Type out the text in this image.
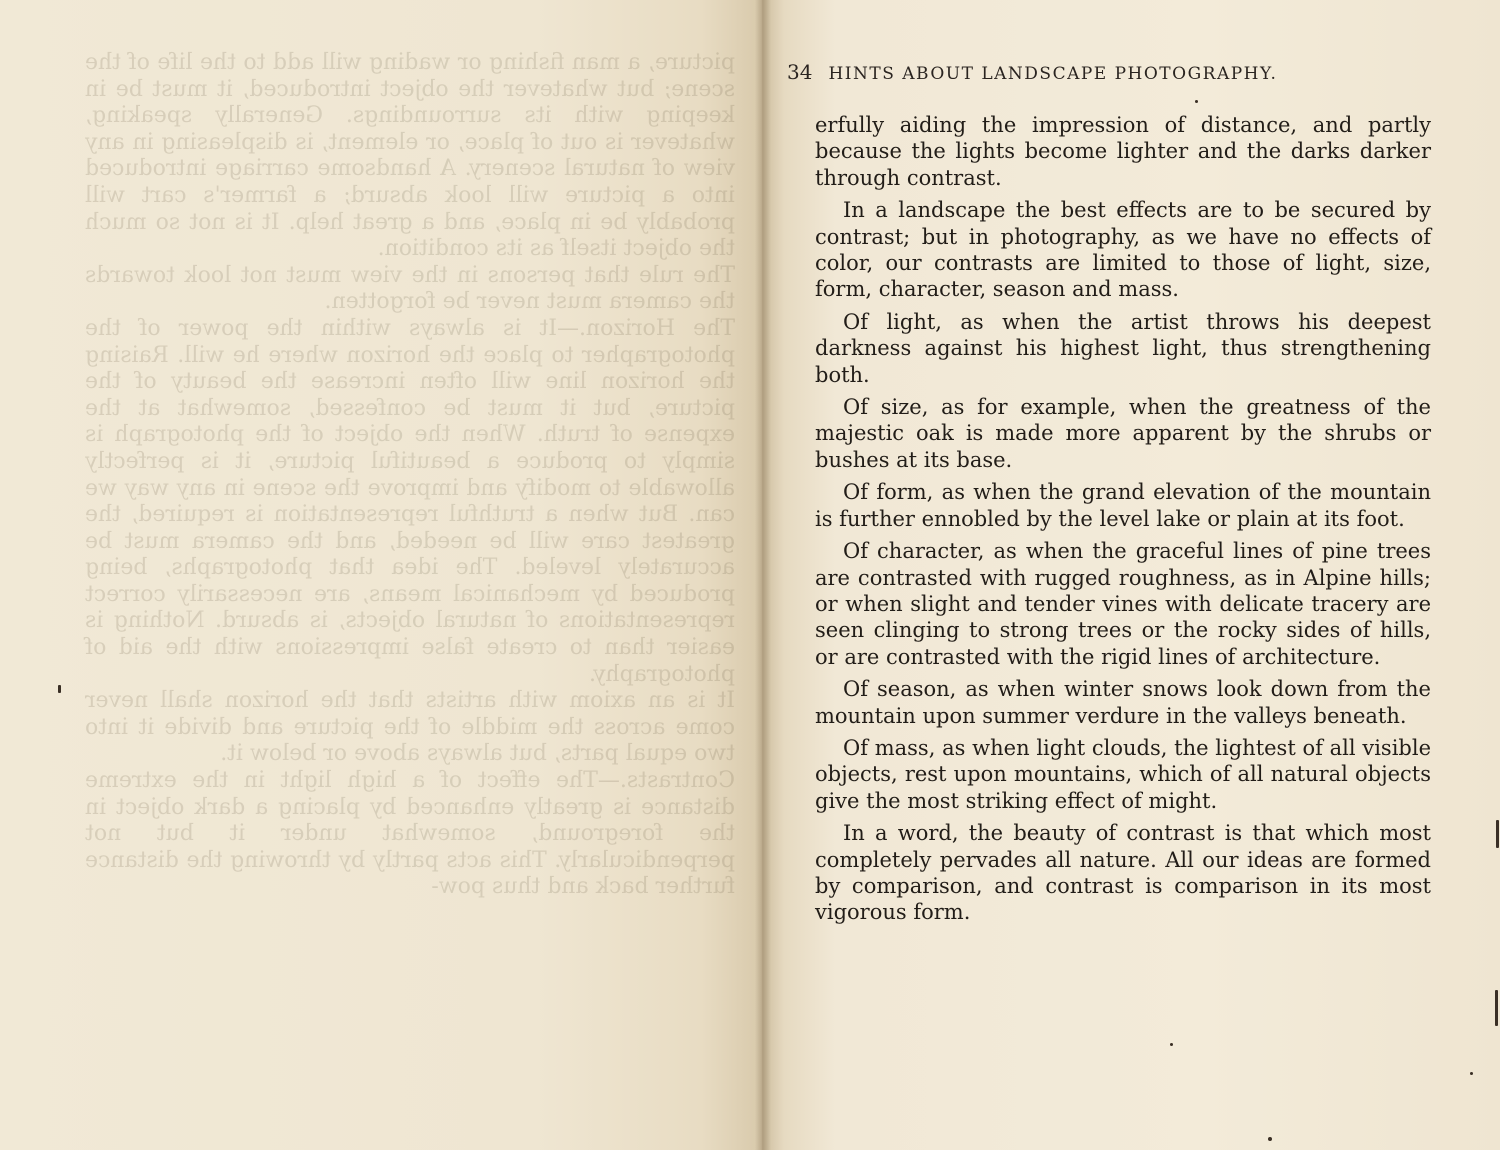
picture, a man fishing or wading will add to the life of the scene; but whatever the object introduced, it must be in keeping with its surroundings. Generally speaking, whatever is out of place, or element, is displeasing in any view of natural scenery. A handsome carriage introduced into a picture will look absurd; a farmer's cart will probably be in place, and a great help. It is not so much the object itself as its condition.
The rule that persons in the view must not look towards the camera must never be forgotten.
The Horizon.—It is always within the power of the photographer to place the horizon where he will. Raising the horizon line will often increase the beauty of the picture, but it must be confessed, somewhat at the expense of truth. When the object of the photograph is simply to produce a beautiful picture, it is perfectly allowable to modify and improve the scene in any way we can. But when a truthful representation is required, the greatest care will be needed, and the camera must be accurately leveled. The idea that photographs, being produced by mechanical means, are necessarily correct representations of natural objects, is absurd. Nothing is easier than to create false impressions with the aid of photography.
It is an axiom with artists that the horizon shall never come across the middle of the picture and divide it into two equal parts, but always above or below it.
Contrasts.—The effect of a high light in the extreme distance is greatly enhanced by placing a dark object in the foreground, somewhat under it but not perpendicularly. This acts partly by throwing the distance further back and thus pow-
34 HINTS ABOUT LANDSCAPE PHOTOGRAPHY.

erfully aiding the impression of distance, and partly because the lights become lighter and the darks darker through contrast.

In a landscape the best effects are to be secured by contrast; but in photography, as we have no effects of color, our contrasts are limited to those of light, size, form, character, season and mass.

Of light, as when the artist throws his deepest darkness against his highest light, thus strengthening both.

Of size, as for example, when the greatness of the majestic oak is made more apparent by the shrubs or bushes at its base.

Of form, as when the grand elevation of the mountain is further ennobled by the level lake or plain at its foot.

Of character, as when the graceful lines of pine trees are contrasted with rugged roughness, as in Alpine hills; or when slight and tender vines with delicate tracery are seen clinging to strong trees or the rocky sides of hills, or are contrasted with the rigid lines of architecture.

Of season, as when winter snows look down from the mountain upon summer verdure in the valleys beneath.

Of mass, as when light clouds, the lightest of all visible objects, rest upon mountains, which of all natural objects give the most striking effect of might.

In a word, the beauty of contrast is that which most completely pervades all nature. All our ideas are formed by comparison, and contrast is comparison in its most vigorous form.
